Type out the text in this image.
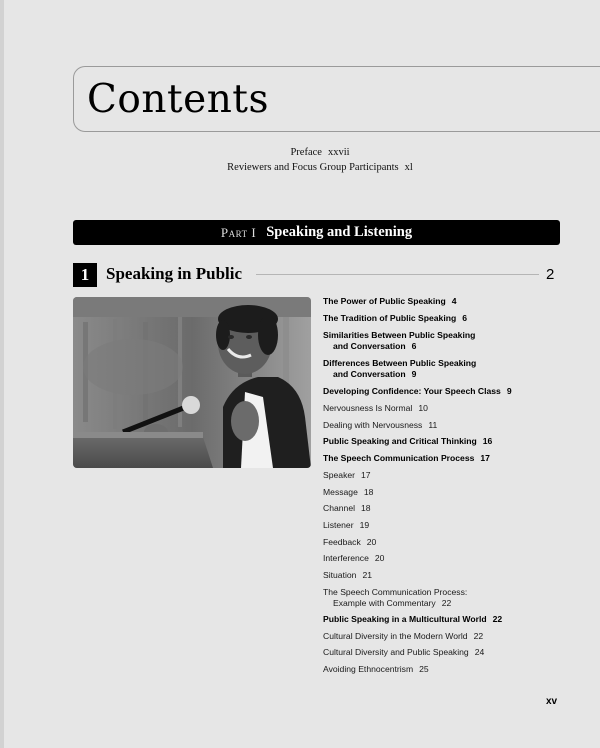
Contents
Preface xxvii
Reviewers and Focus Group Participants xl
Part I Speaking and Listening
1 Speaking in Public	2
The Power of Public Speaking 4
The Tradition of Public Speaking 6
Similarities Between Public Speaking
and Conversation 6
Differences Between Public Speaking
and Conversation 9
Developing Confidence: Your Speech Class 9
Nervousness Is Normal 10
Dealing with Nervousness 11
Public Speaking and Critical Thinking 16
The Speech Communication Process 17
Speaker 17
Message 18
Channel 18
Listener 19
Feedback 20
Interference 20
Situation 21
The Speech Communication Process:
Example with Commentary 22
Public Speaking in a Multicultural World 22
Cultural Diversity in the Modern World 22
Cultural Diversity and Public Speaking 24
Avoiding Ethnocentrism 25
xv
